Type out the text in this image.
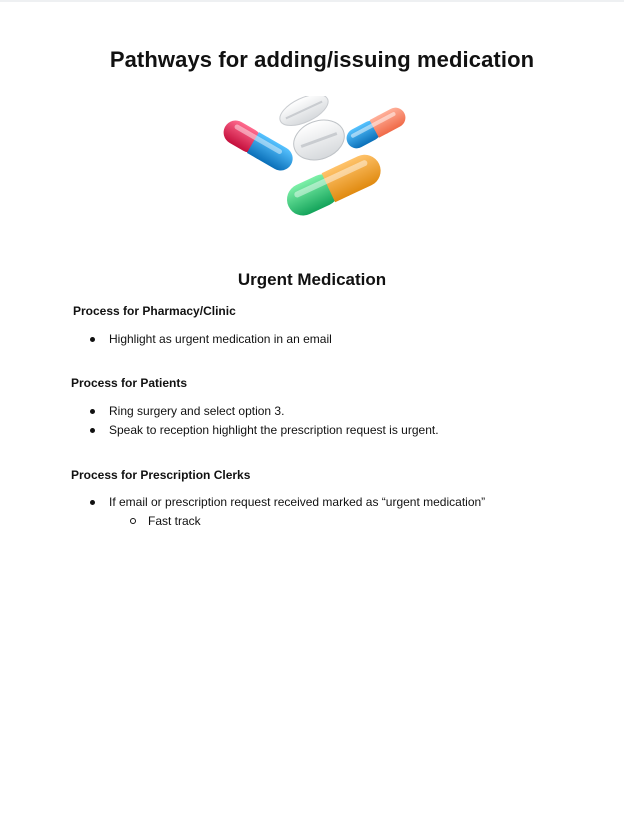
Pathways for adding/issuing medication
Urgent Medication
Process for Pharmacy/Clinic
Highlight as urgent medication in an email
Process for Patients
Ring surgery and select option 3.
Speak to reception highlight the prescription request is urgent.
Process for Prescription Clerks
If email or prescription request received marked as “urgent medication”
Fast track
